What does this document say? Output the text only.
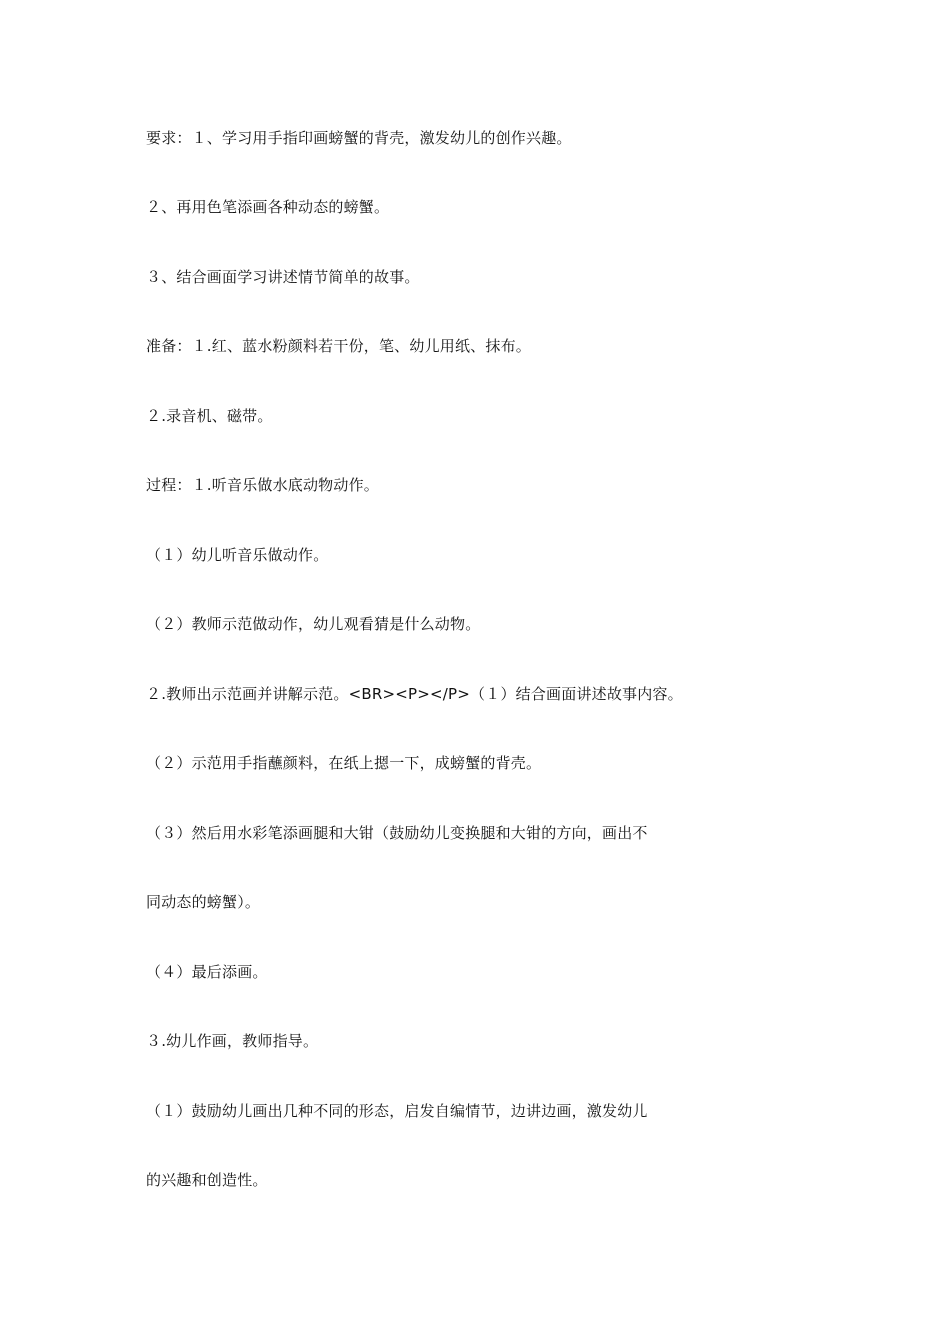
要求：１、学习用手指印画螃蟹的背壳，激发幼儿的创作兴趣。
２、再用色笔添画各种动态的螃蟹。
３、结合画面学习讲述情节简单的故事。
准备：１.红、蓝水粉颜料若干份，笔、幼儿用纸、抹布。
２.录音机、磁带。
过程：１.听音乐做水底动物动作。
（１）幼儿听音乐做动作。
（２）教师示范做动作，幼儿观看猜是什么动物。
２.教师出示范画并讲解示范。<BR><P></P>（１）结合画面讲述故事内容。
（２）示范用手指蘸颜料，在纸上摁一下，成螃蟹的背壳。
（３）然后用水彩笔添画腿和大钳（鼓励幼儿变换腿和大钳的方向，画出不
同动态的螃蟹）。
（４）最后添画。
３.幼儿作画，教师指导。
（１）鼓励幼儿画出几种不同的形态，启发自编情节，边讲边画，激发幼儿
的兴趣和创造性。
